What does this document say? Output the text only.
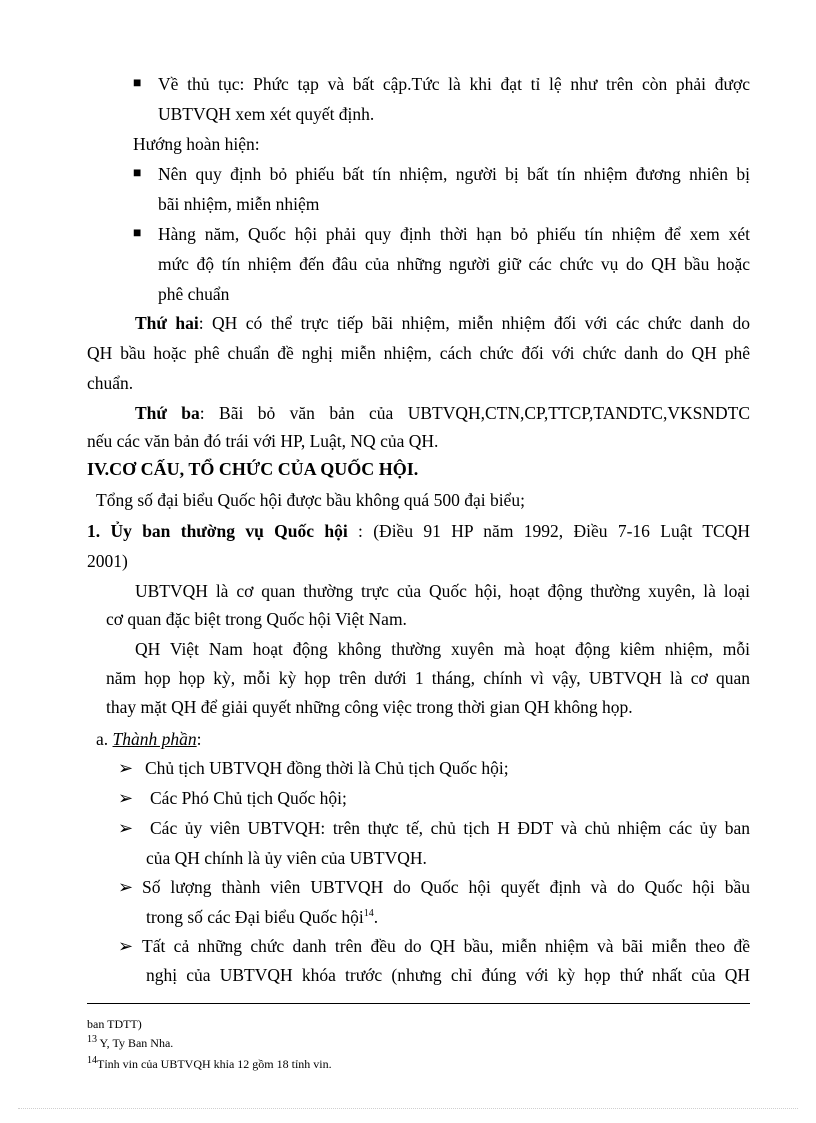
■ Về thủ tục: Phức tạp và bất cập.Tức là khi đạt tỉ lệ như trên còn phải được
UBTVQH xem xét quyết định.
Hướng hoàn hiện:
■ Nên quy định bỏ phiếu bất tín nhiệm, người bị bất tín nhiệm đương nhiên bị
bãi nhiệm, miễn nhiệm
■ Hàng năm, Quốc hội phải quy định thời hạn bỏ phiếu tín nhiệm để xem xét
mức độ tín nhiệm đến đâu của những người giữ các chức vụ do QH bầu hoặc
phê chuẩn
Thứ hai: QH có thể trực tiếp bãi nhiệm, miễn nhiệm đối với các chức danh do
QH bầu hoặc phê chuẩn đề nghị miễn nhiệm, cách chức đối với chức danh do QH phê
chuẩn.
Thứ ba: Bãi bỏ văn bản của UBTVQH,CTN,CP,TTCP,TANDTC,VKSNDTC
nếu các văn bản đó trái với HP, Luật, NQ của QH.
IV.CƠ CẤU, TỔ CHỨC CỦA QUỐC HỘI.
Tổng số đại biểu Quốc hội được bầu không quá 500 đại biểu;
1. Ủy ban thường vụ Quốc hội : (Điều 91 HP năm 1992, Điều 7-16 Luật TCQH
2001)
UBTVQH là cơ quan thường trực của Quốc hội, hoạt động thường xuyên, là loại
cơ quan đặc biệt trong Quốc hội Việt Nam.
QH Việt Nam hoạt động không thường xuyên mà hoạt động kiêm nhiệm, mỗi
năm họp họp kỳ, mỗi kỳ họp trên dưới 1 tháng, chính vì vậy, UBTVQH là cơ quan
thay mặt QH để giải quyết những công việc trong thời gian QH không họp.
a. Thành phần:
➢ Chủ tịch UBTVQH đồng thời là Chủ tịch Quốc hội;
➢ Các Phó Chủ tịch Quốc hội;
➢ Các ủy viên UBTVQH: trên thực tế, chủ tịch H ĐDT và chủ nhiệm các ủy ban
của QH chính là ủy viên của UBTVQH.
➢ Số lượng thành viên UBTVQH do Quốc hội quyết định và do Quốc hội bầu
trong số các Đại biểu Quốc hội$^{14}$.
➢ Tất cả những chức danh trên đều do QH bầu, miễn nhiệm và bãi miễn theo đề
nghị của UBTVQH khóa trước (nhưng chỉ đúng với kỳ họp thứ nhất của QH
ban TDTT)
$^{13}$ Y, Ty Ban Nha.
$^{14}$Tỉnh vin của UBTVQH khỉa 12 gồm 18 tỉnh vin.
